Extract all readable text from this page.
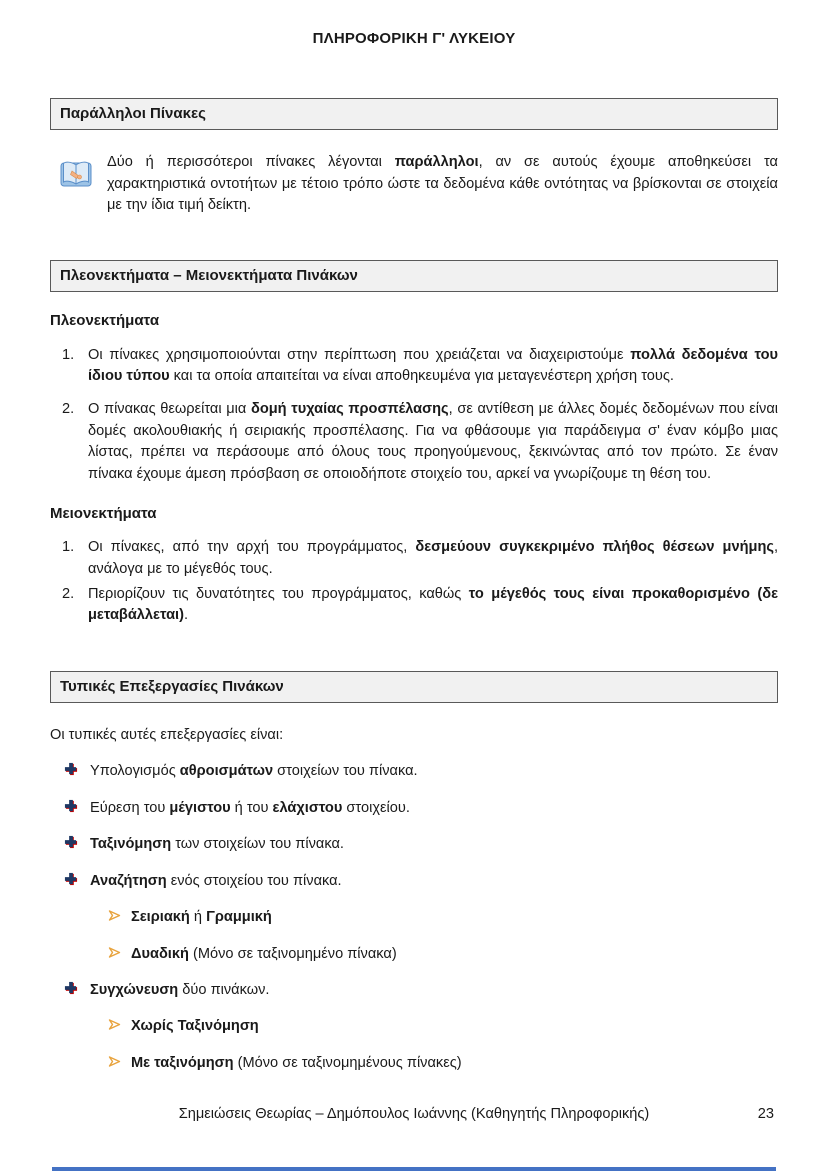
ΠΛΗΡΟΦΟΡΙΚΗ Γ' ΛΥΚΕΙΟΥ
Παράλληλοι Πίνακες

Δύο ή περισσότεροι πίνακες λέγονται παράλληλοι, αν σε αυτούς έχουμε αποθηκεύσει τα χαρακτηριστικά οντοτήτων με τέτοιο τρόπο ώστε τα δεδομένα κάθε οντότητας να βρίσκονται σε στοιχεία με την ίδια τιμή δείκτη.

Πλεονεκτήματα – Μειονεκτήματα Πινάκων
Πλεονεκτήματα
1. Οι πίνακες χρησιμοποιούνται στην περίπτωση που χρειάζεται να διαχειριστούμε πολλά δεδομένα του ίδιου τύπου και τα οποία απαιτείται να είναι αποθηκευμένα για μεταγενέστερη χρήση τους.
2. Ο πίνακας θεωρείται μια δομή τυχαίας προσπέλασης, σε αντίθεση με άλλες δομές δεδομένων που είναι δομές ακολουθιακής ή σειριακής προσπέλασης. Για να φθάσουμε για παράδειγμα σ' έναν κόμβο μιας λίστας, πρέπει να περάσουμε από όλους τους προηγούμενους, ξεκινώντας από τον πρώτο. Σε έναν πίνακα έχουμε άμεση πρόσβαση σε οποιοδήποτε στοιχείο του, αρκεί να γνωρίζουμε τη θέση του.
Μειονεκτήματα
1. Οι πίνακες, από την αρχή του προγράμματος, δεσμεύουν συγκεκριμένο πλήθος θέσεων μνήμης, ανάλογα με το μέγεθός τους.
2. Περιορίζουν τις δυνατότητες του προγράμματος, καθώς το μέγεθός τους είναι προκαθορισμένο (δε μεταβάλλεται).
Τυπικές Επεξεργασίες Πινάκων
Οι τυπικές αυτές επεξεργασίες είναι:
Υπολογισμός αθροισμάτων στοιχείων του πίνακα.
Εύρεση του μέγιστου ή του ελάχιστου στοιχείου.
Ταξινόμηση των στοιχείων του πίνακα.
Αναζήτηση ενός στοιχείου του πίνακα.
Σειριακή ή Γραμμική
Δυαδική (Μόνο σε ταξινομημένο πίνακα)
Συγχώνευση δύο πινάκων.
Χωρίς Ταξινόμηση
Με ταξινόμηση (Μόνο σε ταξινομημένους πίνακες)
Σημειώσεις Θεωρίας – Δημόπουλος Ιωάννης (Καθηγητής Πληροφορικής)	23
